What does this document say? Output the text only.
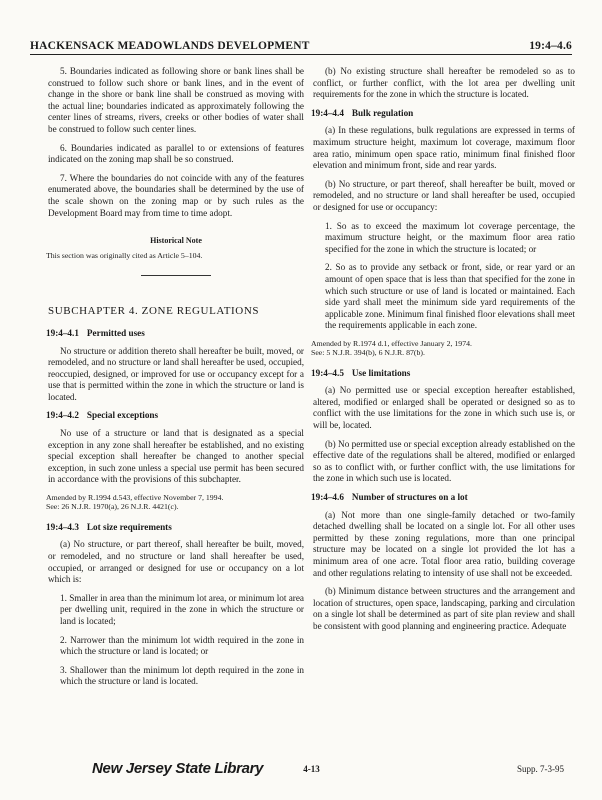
HACKENSACK MEADOWLANDS DEVELOPMENT	19:4–4.6

5. Boundaries indicated as following shore or bank lines shall be construed to follow such shore or bank lines, and in the event of change in the shore or bank line shall be construed as moving with the actual line; boundaries indicated as approximately following the center lines of streams, rivers, creeks or other bodies of water shall be construed to follow such center lines.

6. Boundaries indicated as parallel to or extensions of features indicated on the zoning map shall be so construed.

7. Where the boundaries do not coincide with any of the features enumerated above, the boundaries shall be determined by the use of the scale shown on the zoning map or by such rules as the Development Board may from time to time adopt.

Historical Note

This section was originally cited as Article 5–104.

SUBCHAPTER 4. ZONE REGULATIONS
19:4–4.1 Permitted uses

No structure or addition thereto shall hereafter be built, moved, or remodeled, and no structure or land shall hereafter be used, occupied, reoccupied, designed, or improved for use or occupancy except for a use that is permitted within the zone in which the structure or land is located.

19:4–4.2 Special exceptions

No use of a structure or land that is designated as a special exception in any zone shall hereafter be established, and no existing special exception shall hereafter be changed to another special exception, in such zone unless a special use permit has been secured in accordance with the provisions of this subchapter.

Amended by R.1994 d.543, effective November 7, 1994.
See: 26 N.J.R. 1970(a), 26 N.J.R. 4421(c).
19:4–4.3 Lot size requirements

(a) No structure, or part thereof, shall hereafter be built, moved, or remodeled, and no structure or land shall hereafter be used, occupied, or arranged or designed for use or occupancy on a lot which is:

1. Smaller in area than the minimum lot area, or minimum lot area per dwelling unit, required in the zone in which the structure or land is located;

2. Narrower than the minimum lot width required in the zone in which the structure or land is located; or

3. Shallower than the minimum lot depth required in the zone in which the structure or land is located.

(b) No existing structure shall hereafter be remodeled so as to conflict, or further conflict, with the lot area per dwelling unit requirements for the zone in which the structure is located.

19:4–4.4 Bulk regulation

(a) In these regulations, bulk regulations are expressed in terms of maximum structure height, maximum lot coverage, maximum floor area ratio, minimum open space ratio, minimum final finished floor elevation and minimum front, side and rear yards.

(b) No structure, or part thereof, shall hereafter be built, moved or remodeled, and no structure or land shall hereafter be used, occupied or designed for use or occupancy:

1. So as to exceed the maximum lot coverage percentage, the maximum structure height, or the maximum floor area ratio specified for the zone in which the structure is located; or

2. So as to provide any setback or front, side, or rear yard or an amount of open space that is less than that specified for the zone in which such structure or use of land is located or maintained. Each side yard shall meet the minimum side yard requirements of the applicable zone. Minimum final finished floor elevations shall meet the requirements applicable in each zone.

Amended by R.1974 d.1, effective January 2, 1974.
See: 5 N.J.R. 394(b), 6 N.J.R. 87(b).
19:4–4.5 Use limitations

(a) No permitted use or special exception hereafter established, altered, modified or enlarged shall be operated or designed so as to conflict with the use limitations for the zone in which such use is, or will be, located.

(b) No permitted use or special exception already established on the effective date of the regulations shall be altered, modified or enlarged so as to conflict with, or further conflict with, the use limitations for the zone in which such use is located.

19:4–4.6 Number of structures on a lot

(a) Not more than one single-family detached or two-family detached dwelling shall be located on a single lot. For all other uses permitted by these zoning regulations, more than one principal structure may be located on a single lot provided the lot has a minimum area of one acre. Total floor area ratio, building coverage and other regulations relating to intensity of use shall not be exceeded.

(b) Minimum distance between structures and the arrangement and location of structures, open space, landscaping, parking and circulation on a single lot shall be determined as part of site plan review and shall be consistent with good planning and engineering practice. Adequate

New Jersey State Library	4-13	Supp. 7-3-95
